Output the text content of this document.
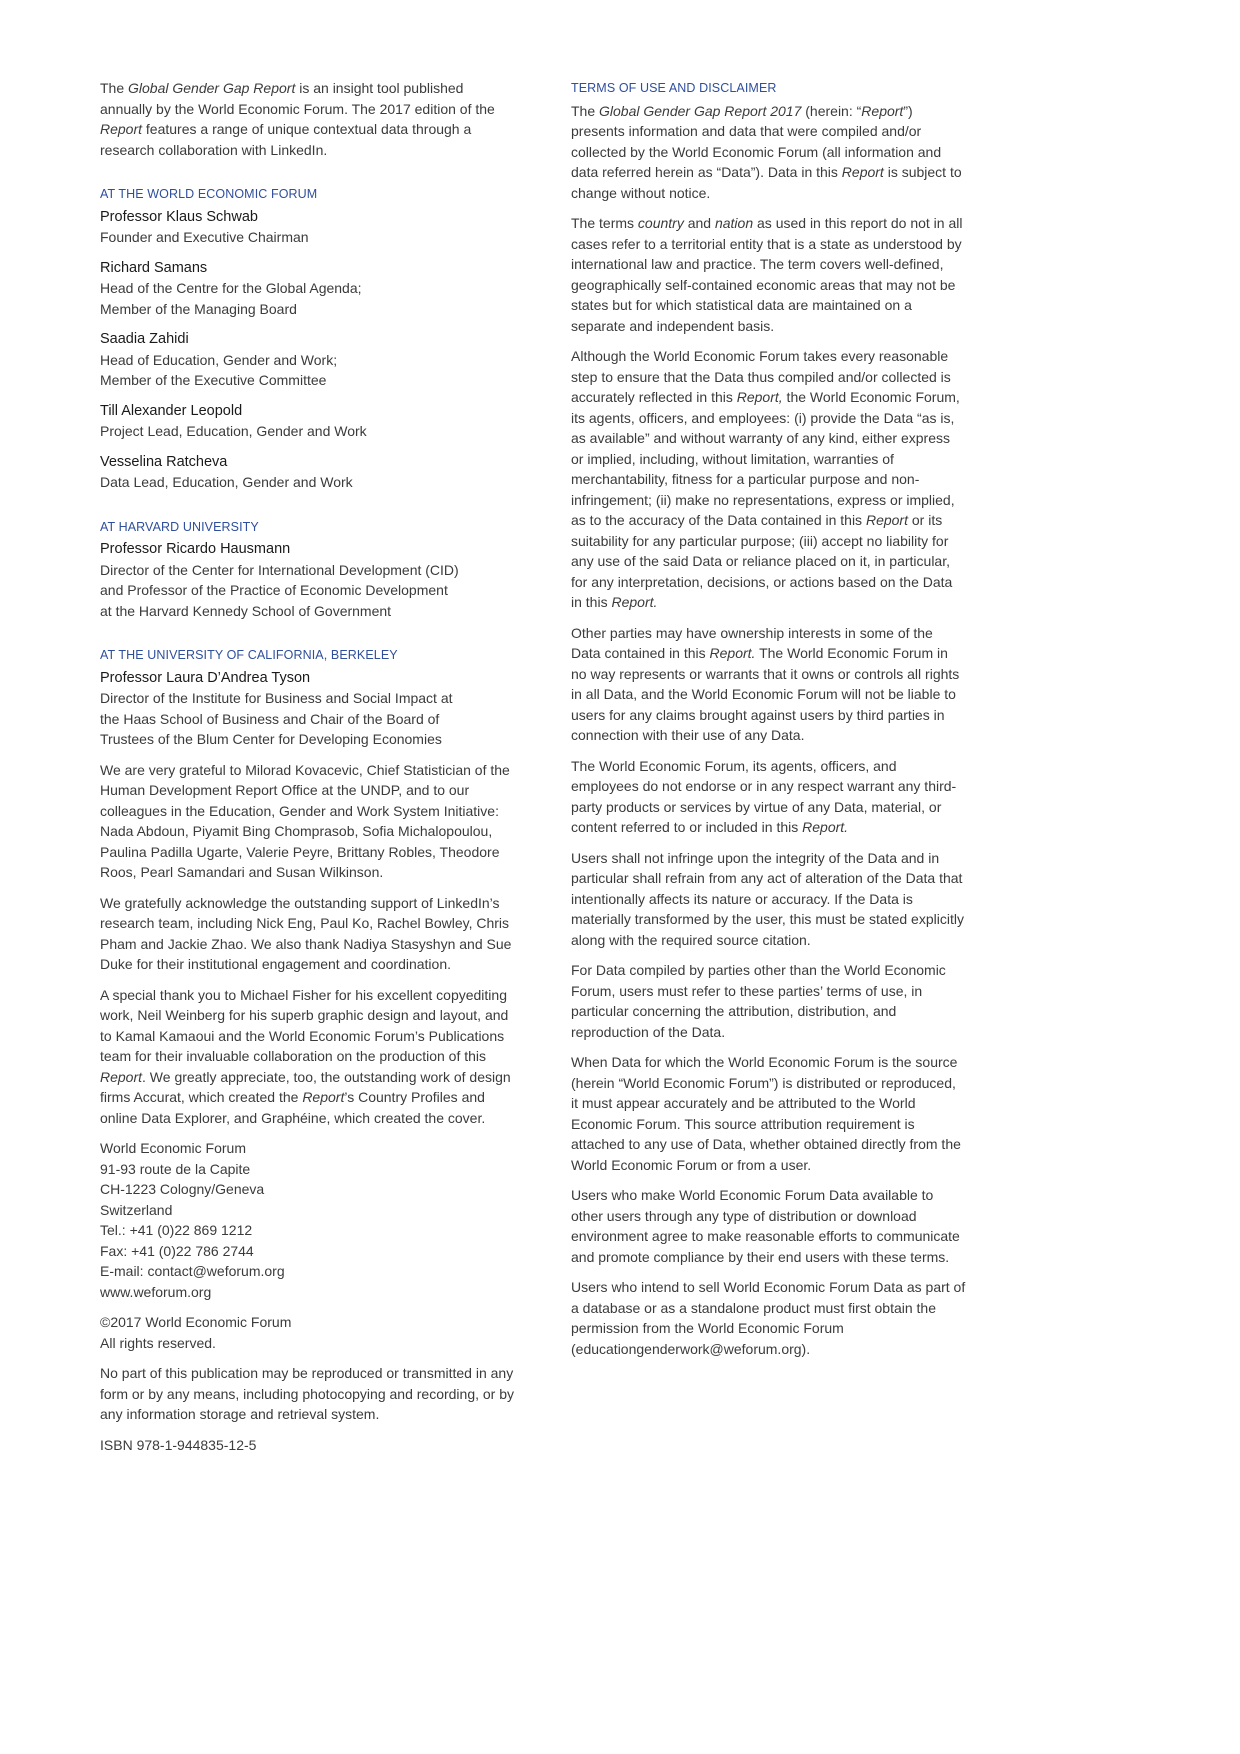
The Global Gender Gap Report is an insight tool published annually by the World Economic Forum. The 2017 edition of the Report features a range of unique contextual data through a research collaboration with LinkedIn.

AT THE WORLD ECONOMIC FORUM
Professor Klaus Schwab
Founder and Executive Chairman
Richard Samans
Head of the Centre for the Global Agenda;
Member of the Managing Board
Saadia Zahidi
Head of Education, Gender and Work;
Member of the Executive Committee
Till Alexander Leopold
Project Lead, Education, Gender and Work
Vesselina Ratcheva
Data Lead, Education, Gender and Work
AT HARVARD UNIVERSITY
Professor Ricardo Hausmann
Director of the Center for International Development (CID)
and Professor of the Practice of Economic Development
at the Harvard Kennedy School of Government
AT THE UNIVERSITY OF CALIFORNIA, BERKELEY
Professor Laura D’Andrea Tyson
Director of the Institute for Business and Social Impact at
the Haas School of Business and Chair of the Board of
Trustees of the Blum Center for Developing Economies

We are very grateful to Milorad Kovacevic, Chief Statistician of the Human Development Report Office at the UNDP, and to our colleagues in the Education, Gender and Work System Initiative: Nada Abdoun, Piyamit Bing Chomprasob, Sofia Michalopoulou, Paulina Padilla Ugarte, Valerie Peyre, Brittany Robles, Theodore Roos, Pearl Samandari and Susan Wilkinson.

We gratefully acknowledge the outstanding support of LinkedIn’s research team, including Nick Eng, Paul Ko, Rachel Bowley, Chris Pham and Jackie Zhao. We also thank Nadiya Stasyshyn and Sue Duke for their institutional engagement and coordination.

A special thank you to Michael Fisher for his excellent copyediting work, Neil Weinberg for his superb graphic design and layout, and to Kamal Kamaoui and the World Economic Forum’s Publications team for their invaluable collaboration on the production of this Report. We greatly appreciate, too, the outstanding work of design firms Accurat, which created the Report’s Country Profiles and online Data Explorer, and Graphéine, which created the cover.

World Economic Forum
91-93 route de la Capite
CH-1223 Cologny/Geneva
Switzerland
Tel.: +41 (0)22 869 1212
Fax: +41 (0)22 786 2744
E-mail: contact@weforum.org
www.weforum.org
©2017 World Economic Forum
All rights reserved.

No part of this publication may be reproduced or transmitted in any form or by any means, including photocopying and recording, or by any information storage and retrieval system.

ISBN 978-1-944835-12-5

TERMS OF USE AND DISCLAIMER

The Global Gender Gap Report 2017 (herein: “Report”) presents information and data that were compiled and/or collected by the World Economic Forum (all information and data referred herein as “Data”). Data in this Report is subject to change without notice.

The terms country and nation as used in this report do not in all cases refer to a territorial entity that is a state as understood by international law and practice. The term covers well-defined, geographically self-contained economic areas that may not be states but for which statistical data are maintained on a separate and independent basis.

Although the World Economic Forum takes every reasonable step to ensure that the Data thus compiled and/or collected is accurately reflected in this Report, the World Economic Forum, its agents, officers, and employees: (i) provide the Data “as is, as available” and without warranty of any kind, either express or implied, including, without limitation, warranties of merchantability, fitness for a particular purpose and non-infringement; (ii) make no representations, express or implied, as to the accuracy of the Data contained in this Report or its suitability for any particular purpose; (iii) accept no liability for any use of the said Data or reliance placed on it, in particular, for any interpretation, decisions, or actions based on the Data in this Report.

Other parties may have ownership interests in some of the Data contained in this Report. The World Economic Forum in no way represents or warrants that it owns or controls all rights in all Data, and the World Economic Forum will not be liable to users for any claims brought against users by third parties in connection with their use of any Data.

The World Economic Forum, its agents, officers, and employees do not endorse or in any respect warrant any third-party products or services by virtue of any Data, material, or content referred to or included in this Report.

Users shall not infringe upon the integrity of the Data and in particular shall refrain from any act of alteration of the Data that intentionally affects its nature or accuracy. If the Data is materially transformed by the user, this must be stated explicitly along with the required source citation.

For Data compiled by parties other than the World Economic Forum, users must refer to these parties’ terms of use, in particular concerning the attribution, distribution, and reproduction of the Data.

When Data for which the World Economic Forum is the source (herein “World Economic Forum”) is distributed or reproduced, it must appear accurately and be attributed to the World Economic Forum. This source attribution requirement is attached to any use of Data, whether obtained directly from the World Economic Forum or from a user.

Users who make World Economic Forum Data available to other users through any type of distribution or download environment agree to make reasonable efforts to communicate and promote compliance by their end users with these terms.

Users who intend to sell World Economic Forum Data as part of a database or as a standalone product must first obtain the permission from the World Economic Forum (educationgenderwork@weforum.org).
